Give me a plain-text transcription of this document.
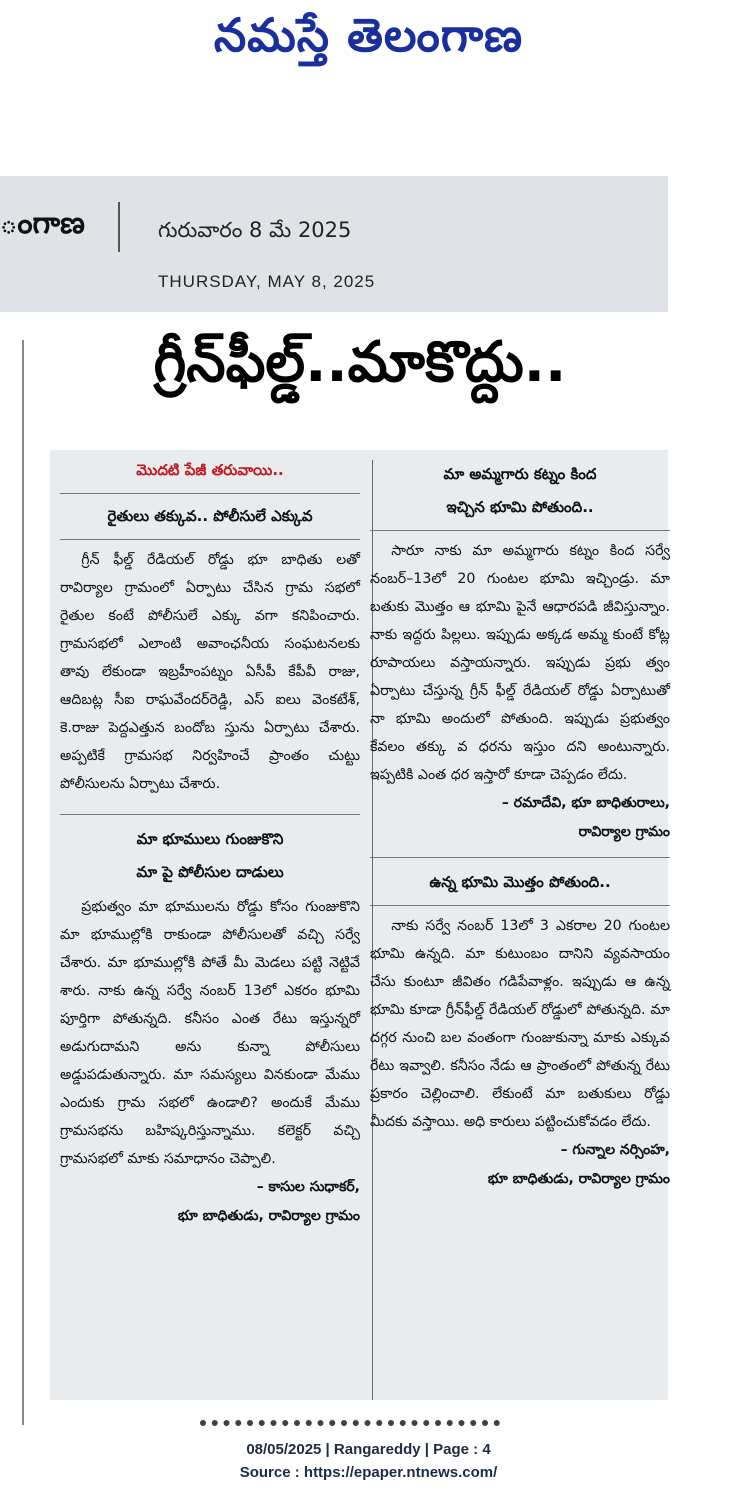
నమస్తే తెలంగాణ
ంగాణ	గురువారం 8 మే 2025
THURSDAY, MAY 8, 2025
గ్రీన్‌ఫీల్డ్‌..మాకొద్దు..
మొదటి పేజీ తరువాయి..
రైతులు తక్కువ.. పోలీసులే ఎక్కువ

గ్రీన్ ఫీల్డ్ రేడియల్ రోడ్డు భూ బాధితు లతో రావిర్యాల గ్రామంలో ఏర్పాటు చేసిన గ్రామ సభలో రైతుల కంటే పోలీసులే ఎక్కు వగా కనిపించారు. గ్రామసభలో ఎలాంటి అవాంఛనీయ సంఘటనలకు తావు లేకుండా ఇబ్రహీంపట్నం ఏసీపీ కేపీవీ రాజు, ఆదిబట్ల సీఐ రాఘవేందర్‌రెడ్డి, ఎస్ ఐలు వెంకటేశ్, కె.రాజు పెద్దఎత్తున బందోబ స్తును ఏర్పాటు చేశారు. అప్పటికే గ్రామసభ నిర్వహించే ప్రాంతం చుట్టు పోలీసులను ఏర్పాటు చేశారు.

మా భూములు గుంజుకొని
మా పై పోలీసుల దాడులు

ప్రభుత్వం మా భూములను రోడ్డు కోసం గుంజుకొని మా భూముల్లోకి రాకుండా పోలీసులతో వచ్చి సర్వే చేశారు. మా భూముల్లోకి పోతే మీ మెడలు పట్టి నెట్టివే శారు. నాకు ఉన్న సర్వే నంబర్ 13లో ఎకరం భూమి పూర్తిగా పోతున్నది. కనీసం ఎంత రేటు ఇస్తున్నరో అడుగుదామని అను కున్నా పోలీసులు అడ్డుపడుతున్నారు. మా సమస్యలు వినకుండా మేము ఎందుకు గ్రామ సభలో ఉండాలి? అందుకే మేము గ్రామసభను బహిష్కరిస్తున్నాము. కలెక్టర్ వచ్చి గ్రామసభలో మాకు సమాధానం చెప్పాలి.

– కాసుల సుధాకర్,
భూ బాధితుడు, రావిర్యాల గ్రామం
మా అమ్మగారు కట్నం కింద
ఇచ్చిన భూమి పోతుంది..

సారూ నాకు మా అమ్మగారు కట్నం కింద సర్వే నంబర్–13లో 20 గుంటల భూమి ఇచ్చిండ్రు. మా బతుకు మొత్తం ఆ భూమి పైనే ఆధారపడి జీవిస్తున్నాం. నాకు ఇద్దరు పిల్లలు. ఇప్పుడు అక్కడ అమ్మ కుంటే కోట్ల రూపాయలు వస్తాయన్నారు. ఇప్పుడు ప్రభు త్వం ఏర్పాటు చేస్తున్న గ్రీన్ ఫీల్డ్ రేడియల్ రోడ్డు ఏర్పాటుతో నా భూమి అందులో పోతుంది. ఇప్పుడు ప్రభుత్వం కేవలం తక్కు వ ధరను ఇస్తుం దని అంటున్నారు. ఇప్పటికి ఎంత ధర ఇస్తారో కూడా చెప్పడం లేదు.

– రమాదేవి, భూ బాధితురాలు,
రావిర్యాల గ్రామం
ఉన్న భూమి మొత్తం పోతుంది..

నాకు సర్వే నంబర్ 13లో 3 ఎకరాల 20 గుంటల భూమి ఉన్నది. మా కుటుంబం దానిని వ్యవసాయం చేసు కుంటూ జీవితం గడిపేవాళ్లం. ఇప్పుడు ఆ ఉన్న భూమి కూడా గ్రీన్‌ఫీల్డ్ రేడియల్ రోడ్డులో పోతున్నది. మా దగ్గర నుంచి బల వంతంగా గుంజుకున్నా మాకు ఎక్కువ రేటు ఇవ్వాలి. కనీసం నేడు ఆ ప్రాంతంలో పోతున్న రేటు ప్రకారం చెల్లించాలి. లేకుంటే మా బతుకులు రోడ్డు మీదకు వస్తాయి. అధి కారులు పట్టించుకోవడం లేదు.

– గున్నాల నర్సింహ,
భూ బాధితుడు, రావిర్యాల గ్రామం
08/05/2025 | Rangareddy | Page : 4
Source : https://epaper.ntnews.com/
